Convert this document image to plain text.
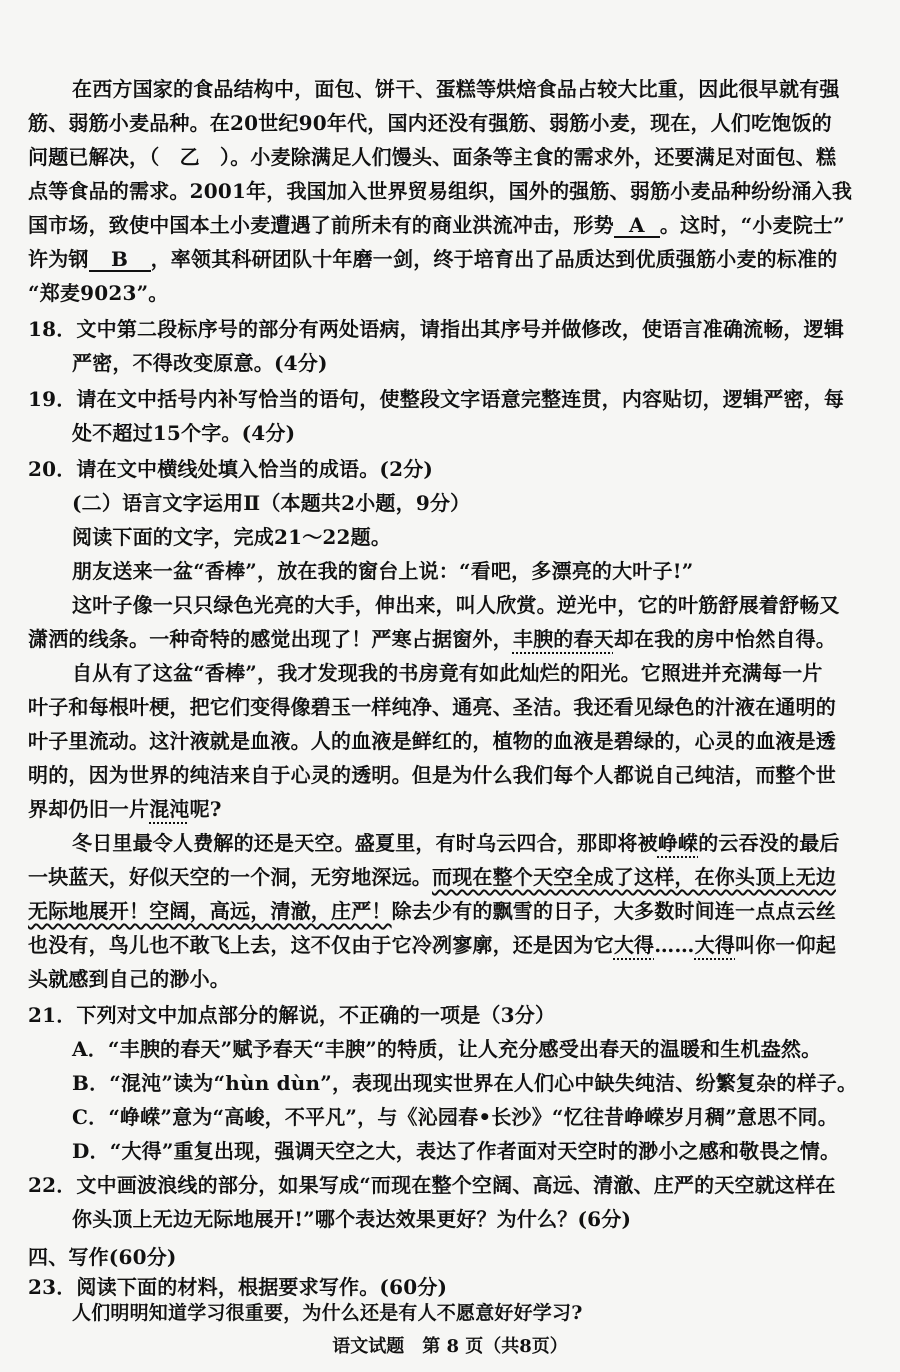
在西方国家的食品结构中，面包、饼干、蛋糕等烘焙食品占较大比重，因此很早就有强
筋、弱筋小麦品种。在20世纪90年代，国内还没有强筋、弱筋小麦，现在，人们吃饱饭的
问题已解决，（　乙　）。小麦除满足人们馒头、面条等主食的需求外，还要满足对面包、糕
点等食品的需求。2001年，我国加入世界贸易组织，国外的强筋、弱筋小麦品种纷纷涌入我
国市场，致使中国本土小麦遭遇了前所未有的商业洪流冲击，形势 A 。这时，“小麦院士”
许为钢 B ，率领其科研团队十年磨一剑，终于培育出了品质达到优质强筋小麦的标准的
“郑麦9023”。
18．文中第二段标序号的部分有两处语病，请指出其序号并做修改，使语言准确流畅，逻辑
严密，不得改变原意。(4分)
19．请在文中括号内补写恰当的语句，使整段文字语意完整连贯，内容贴切，逻辑严密，每
处不超过15个字。(4分)
20．请在文中横线处填入恰当的成语。(2分)
(二）语言文字运用Ⅱ（本题共2小题，9分）
阅读下面的文字，完成21～22题。
朋友送来一盆“香棒”，放在我的窗台上说：“看吧，多漂亮的大叶子!”
这叶子像一只只绿色光亮的大手，伸出来，叫人欣赏。逆光中，它的叶筋舒展着舒畅又
潇洒的线条。一种奇特的感觉出现了！严寒占据窗外，丰腴的春天却在我的房中怡然自得。
自从有了这盆“香棒”，我才发现我的书房竟有如此灿烂的阳光。它照进并充满每一片
叶子和每根叶梗，把它们变得像碧玉一样纯净、通亮、圣洁。我还看见绿色的汁液在通明的
叶子里流动。这汁液就是血液。人的血液是鲜红的，植物的血液是碧绿的，心灵的血液是透
明的，因为世界的纯洁来自于心灵的透明。但是为什么我们每个人都说自己纯洁，而整个世
界却仍旧一片混沌呢?
冬日里最令人费解的还是天空。盛夏里，有时乌云四合，那即将被峥嵘的云吞没的最后
一块蓝天，好似天空的一个洞，无穷地深远。而现在整个天空全成了这样，在你头顶上无边
无际地展开！空阔，高远，清澈，庄严！除去少有的飘雪的日子，大多数时间连一点点云丝
也没有，鸟儿也不敢飞上去，这不仅由于它冷冽寥廓，还是因为它大得……大得叫你一仰起
头就感到自己的渺小。
21．下列对文中加点部分的解说，不正确的一项是（3分）
A．“丰腴的春天”赋予春天“丰腴”的特质，让人充分感受出春天的温暖和生机盎然。
B．“混沌”读为“hùn dùn”，表现出现实世界在人们心中缺失纯洁、纷繁复杂的样子。
C．“峥嵘”意为“高峻，不平凡”，与《沁园春•长沙》“忆往昔峥嵘岁月稠”意思不同。
D．“大得”重复出现，强调天空之大，表达了作者面对天空时的渺小之感和敬畏之情。
22．文中画波浪线的部分，如果写成“而现在整个空阔、高远、清澈、庄严的天空就这样在
你头顶上无边无际地展开!”哪个表达效果更好？为什么？(6分)
四、写作(60分)
23．阅读下面的材料，根据要求写作。(60分)
人们明明知道学习很重要，为什么还是有人不愿意好好学习?
语文试题　第 8 页（共8页）
